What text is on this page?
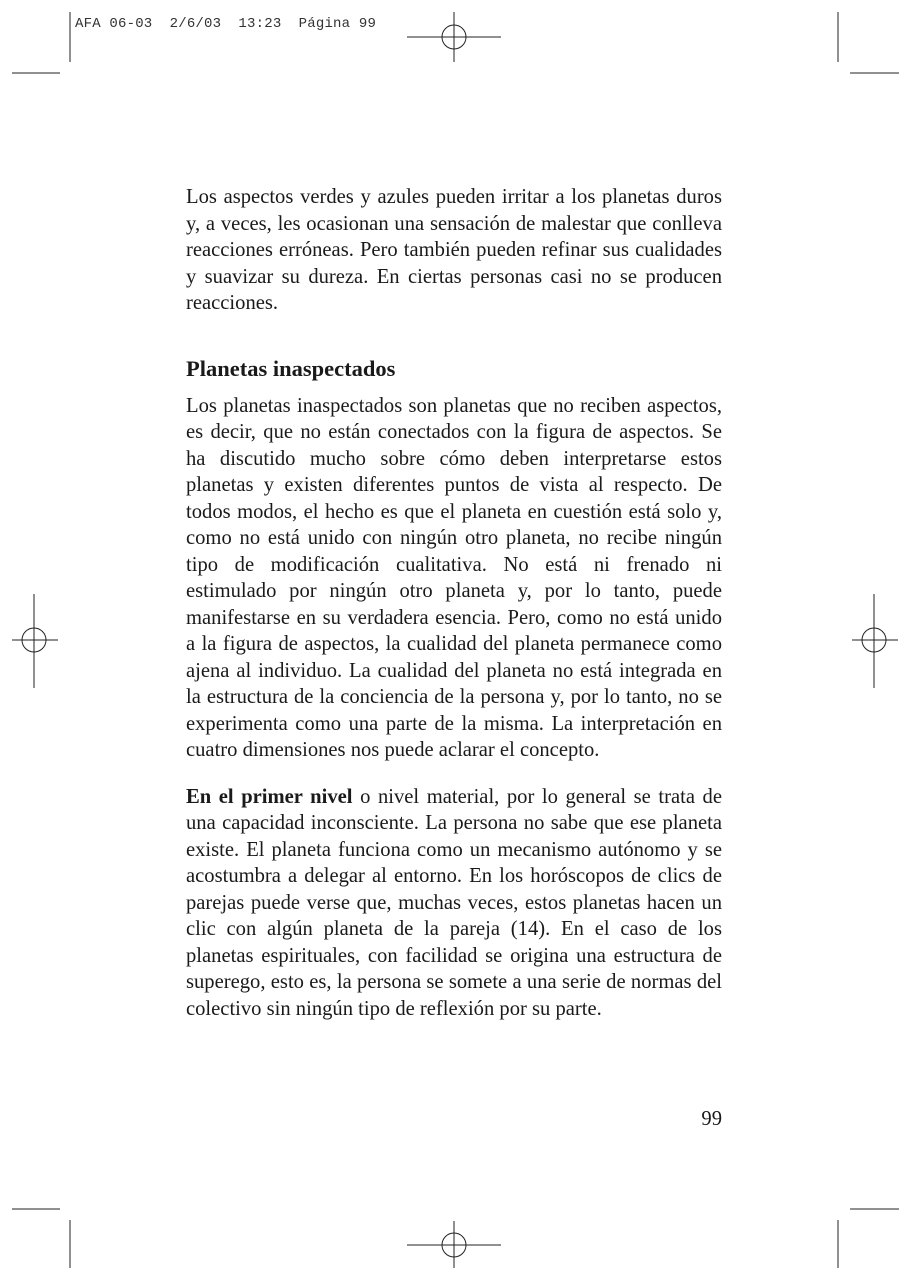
AFA 06-03  2/6/03  13:23  Página 99

Los aspectos verdes y azules pueden irritar a los planetas duros y, a veces, les ocasionan una sensación de malestar que conlleva reacciones erróneas. Pero también pueden refinar sus cualidades y suavizar su dureza. En ciertas personas casi no se producen reacciones.

Planetas inaspectados

Los planetas inaspectados son planetas que no reciben aspectos, es decir, que no están conectados con la figura de aspectos. Se ha discutido mucho sobre cómo deben interpretarse estos planetas y existen diferentes puntos de vista al respecto. De todos modos, el hecho es que el planeta en cuestión está solo y, como no está unido con ningún otro planeta, no recibe ningún tipo de modificación cualitativa. No está ni frenado ni estimulado por ningún otro planeta y, por lo tanto, puede manifestarse en su verdadera esencia. Pero, como no está unido a la figura de aspectos, la cualidad del planeta permanece como ajena al individuo. La cualidad del planeta no está integrada en la estructura de la conciencia de la persona y, por lo tanto, no se experimenta como una parte de la misma. La interpretación en cuatro dimensiones nos puede aclarar el concepto.

En el primer nivel o nivel material, por lo general se trata de una capacidad inconsciente. La persona no sabe que ese planeta existe. El planeta funciona como un mecanismo autónomo y se acostumbra a delegar al entorno. En los horóscopos de clics de parejas puede verse que, muchas veces, estos planetas hacen un clic con algún planeta de la pareja (14). En el caso de los planetas espirituales, con facilidad se origina una estructura de superego, esto es, la persona se somete a una serie de normas del colectivo sin ningún tipo de reflexión por su parte.

99
